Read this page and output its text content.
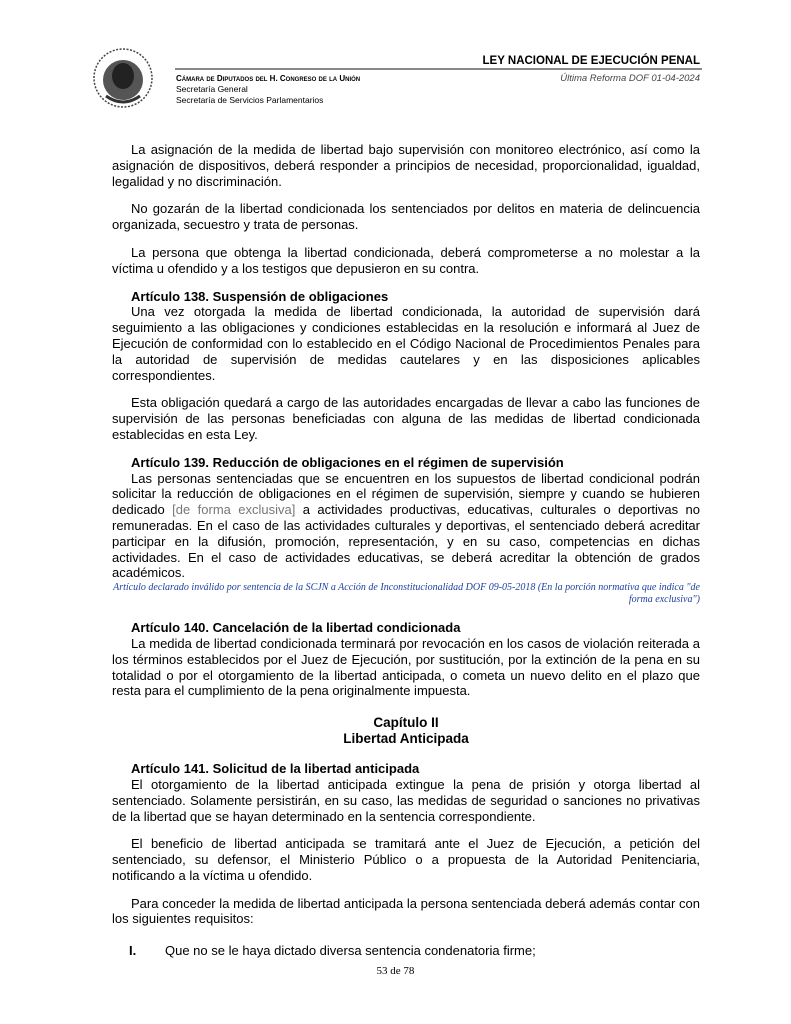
LEY NACIONAL DE EJECUCIÓN PENAL
Cámara de Diputados del H. Congreso de la Unión
Secretaría General
Secretaría de Servicios Parlamentarios
Última Reforma DOF 01-04-2024

La asignación de la medida de libertad bajo supervisión con monitoreo electrónico, así como la asignación de dispositivos, deberá responder a principios de necesidad, proporcionalidad, igualdad, legalidad y no discriminación.

No gozarán de la libertad condicionada los sentenciados por delitos en materia de delincuencia organizada, secuestro y trata de personas.

La persona que obtenga la libertad condicionada, deberá comprometerse a no molestar a la víctima u ofendido y a los testigos que depusieron en su contra.

Artículo 138. Suspensión de obligaciones

Una vez otorgada la medida de libertad condicionada, la autoridad de supervisión dará seguimiento a las obligaciones y condiciones establecidas en la resolución e informará al Juez de Ejecución de conformidad con lo establecido en el Código Nacional de Procedimientos Penales para la autoridad de supervisión de medidas cautelares y en las disposiciones aplicables correspondientes.

Esta obligación quedará a cargo de las autoridades encargadas de llevar a cabo las funciones de supervisión de las personas beneficiadas con alguna de las medidas de libertad condicionada establecidas en esta Ley.

Artículo 139. Reducción de obligaciones en el régimen de supervisión

Las personas sentenciadas que se encuentren en los supuestos de libertad condicional podrán solicitar la reducción de obligaciones en el régimen de supervisión, siempre y cuando se hubieren dedicado [de forma exclusiva] a actividades productivas, educativas, culturales o deportivas no remuneradas. En el caso de las actividades culturales y deportivas, el sentenciado deberá acreditar participar en la difusión, promoción, representación, y en su caso, competencias en dichas actividades. En el caso de actividades educativas, se deberá acreditar la obtención de grados académicos.

Artículo declarado inválido por sentencia de la SCJN a Acción de Inconstitucionalidad DOF 09-05-2018 (En la porción normativa que indica "de forma exclusiva")
Artículo 140. Cancelación de la libertad condicionada

La medida de libertad condicionada terminará por revocación en los casos de violación reiterada a los términos establecidos por el Juez de Ejecución, por sustitución, por la extinción de la pena en su totalidad o por el otorgamiento de la libertad anticipada, o cometa un nuevo delito en el plazo que resta para el cumplimiento de la pena originalmente impuesta.

Capítulo II
Libertad Anticipada
Artículo 141. Solicitud de la libertad anticipada

El otorgamiento de la libertad anticipada extingue la pena de prisión y otorga libertad al sentenciado. Solamente persistirán, en su caso, las medidas de seguridad o sanciones no privativas de la libertad que se hayan determinado en la sentencia correspondiente.

El beneficio de libertad anticipada se tramitará ante el Juez de Ejecución, a petición del sentenciado, su defensor, el Ministerio Público o a propuesta de la Autoridad Penitenciaria, notificando a la víctima u ofendido.

Para conceder la medida de libertad anticipada la persona sentenciada deberá además contar con los siguientes requisitos:

I.	Que no se le haya dictado diversa sentencia condenatoria firme;
53 de 78
